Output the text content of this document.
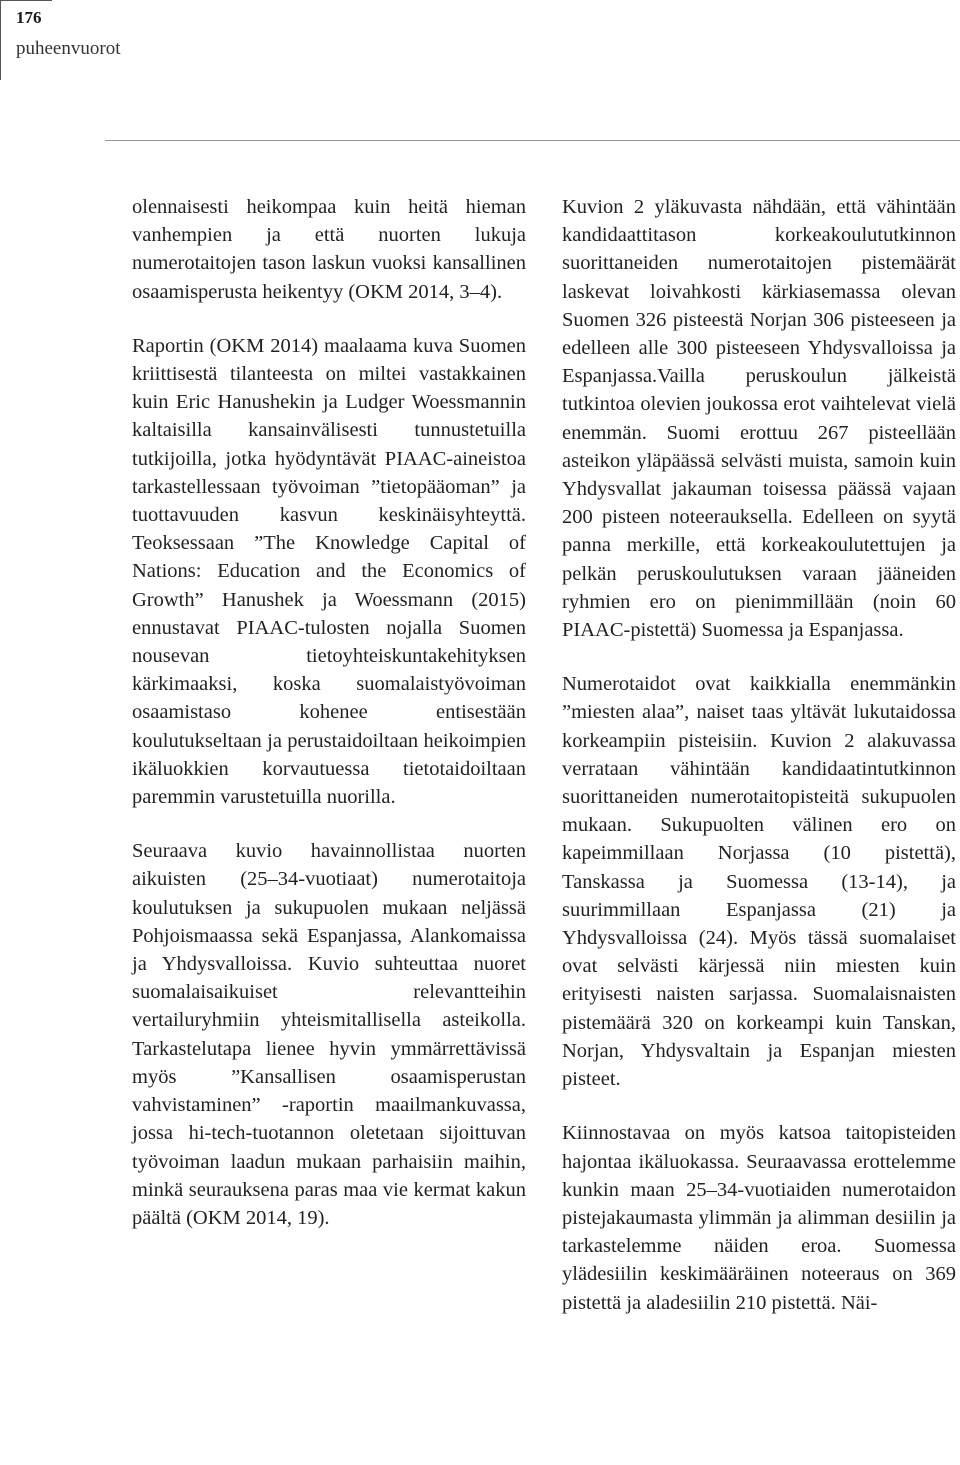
176
puheenvuorot

olennaisesti heikompaa kuin heitä hieman vanhempien ja että nuorten lukuja numerotaitojen tason laskun vuoksi kansallinen osaamisperusta heikentyy (OKM 2014, 3–4).

Raportin (OKM 2014) maalaama kuva Suomen kriittisestä tilanteesta on miltei vastakkainen kuin Eric Hanushekin ja Ludger Woessmannin kaltaisilla kansainvälisesti tunnustetuilla tutkijoilla, jotka hyödyntävät PIAAC-aineistoa tarkastellessaan työvoiman ”tietopääoman” ja tuottavuuden kasvun keskinäisyhteyttä. Teoksessaan ”The Knowledge Capital of Nations: Education and the Economics of Growth” Hanushek ja Woessmann (2015) ennustavat PIAAC-tulosten nojalla Suomen nousevan tietoyhteiskuntakehityksen kärkimaaksi, koska suomalaistyövoiman osaamistaso kohenee entisestään koulutukseltaan ja perustaidoiltaan heikoimpien ikäluokkien korvautuessa tietotaidoiltaan paremmin varustetuilla nuorilla.

Seuraava kuvio havainnollistaa nuorten aikuisten (25–34-vuotiaat) numerotaitoja koulutuksen ja sukupuolen mukaan neljässä Pohjoismaassa sekä Espanjassa, Alankomaissa ja Yhdysvalloissa. Kuvio suhteuttaa nuoret suomalaisaikuiset relevantteihin vertailuryhmiin yhteismitallisella asteikolla. Tarkastelutapa lienee hyvin ymmärrettävissä myös ”Kansallisen osaamisperustan vahvistaminen” -raportin maailmankuvassa, jossa hi-tech-tuotannon oletetaan sijoittuvan työvoiman laadun mukaan parhaisiin maihin, minkä seurauksena paras maa vie kermat kakun päältä (OKM 2014, 19).

Kuvion 2 yläkuvasta nähdään, että vähintään kandidaattitason korkeakoulututkinnon suorittaneiden numerotaitojen pistemäärät laskevat loivahkosti kärkiasemassa olevan Suomen 326 pisteestä Norjan 306 pisteeseen ja edelleen alle 300 pisteeseen Yhdysvalloissa ja Espanjassa.Vailla peruskoulun jälkeistä tutkintoa olevien joukossa erot vaihtelevat vielä enemmän. Suomi erottuu 267 pisteellään asteikon yläpäässä selvästi muista, samoin kuin Yhdysvallat jakauman toisessa päässä vajaan 200 pisteen noteerauksella. Edelleen on syytä panna merkille, että korkeakoulutettujen ja pelkän peruskoulutuksen varaan jääneiden ryhmien ero on pienimmillään (noin 60 PIAAC-pistettä) Suomessa ja Espanjassa.

Numerotaidot ovat kaikkialla enemmänkin ”miesten alaa”, naiset taas yltävät lukutaidossa korkeampiin pisteisiin. Kuvion 2 alakuvassa verrataan vähintään kandidaatintutkinnon suorittaneiden numerotaitopisteitä sukupuolen mukaan. Sukupuolten välinen ero on kapeimmillaan Norjassa (10 pistettä), Tanskassa ja Suomessa (13-14), ja suurimmillaan Espanjassa (21) ja Yhdysvalloissa (24). Myös tässä suomalaiset ovat selvästi kärjessä niin miesten kuin erityisesti naisten sarjassa. Suomalaisnaisten pistemäärä 320 on korkeampi kuin Tanskan, Norjan, Yhdysvaltain ja Espanjan miesten pisteet.

Kiinnostavaa on myös katsoa taitopisteiden hajontaa ikäluokassa. Seuraavassa erottelemme kunkin maan 25–34-vuotiaiden numerotaidon pistejakaumasta ylimmän ja alimman desiilin ja tarkastelemme näiden eroa. Suomessa ylädesiilin keskimääräinen noteeraus on 369 pistettä ja aladesiilin 210 pistettä. Näi-
